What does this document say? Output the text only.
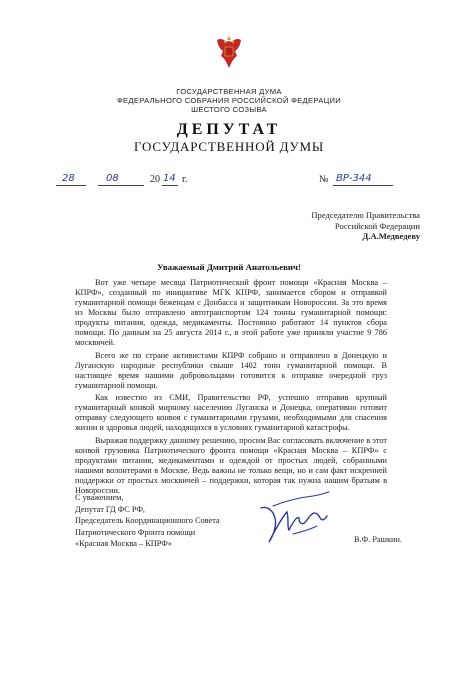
ГОСУДАРСТВЕННАЯ ДУМА
ФЕДЕРАЛЬНОГО СОБРАНИЯ РОССИЙСКОЙ ФЕДЕРАЦИИ
ШЕСТОГО СОЗЫВА
ДЕПУТАТ
ГОСУДАРСТВЕННОЙ ДУМЫ
28	08	20 14 г.	№ ВР-344
Председателю Правительства
Российской Федерации
Д.А.Медведеву
Уважаемый Дмитрий Анатольевич!

Вот уже четыре месяца Патриотический фронт помощи «Красная Москва – КПРФ», созданный по инициативе МГК КПРФ, занимается сбором и отправкой гуманитарной помощи беженцам с Донбасса и защитникам Новороссии. За это время из Москвы было отправлено автотранспортом 124 тонны гуманитарной помощи: продукты питания, одежда, медикаменты. Постоянно работают 14 пунктов сбора помощи. По данным на 25 августа 2014 г., в этой работе уже приняли участие 9 786 москвичей.

Всего же по стране активистами КПРФ собрано и отправлено в Донецкую и Луганскую народные республики свыше 1402 тонн гуманитарной помощи. В настоящее время нашими добровольцами готовится к отправке очередной груз гуманитарной помощи.

Как известно из СМИ, Правительство РФ, успешно отправив крупный гуманитарный конвой мирному населению Луганска и Донецка, оперативно готовит отправку следующего конвоя с гуманитарными грузами, необходимыми для спасения жизни и здоровья людей, находящихся в условиях гуманитарной катастрофы.

Выражая поддержку данному решению, просим Вас согласовать включение в этот конвой грузовика Патриотического фронта помощи «Красная Москва – КПРФ» с продуктами питания, медикаментами и одеждой от простых людей, собранными нашими волонтерами в Москве. Ведь важны не только вещи, но и сам факт искренней поддержки от простых москвичей – поддержки, которая так нужна нашим братьям в Новороссии.

С уважением,
Депутат ГД ФС РФ,
Председатель Координационного Совета
Патриотического Фронта помощи
«Красная Москва – КПРФ»	В.Ф. Рашкин.
